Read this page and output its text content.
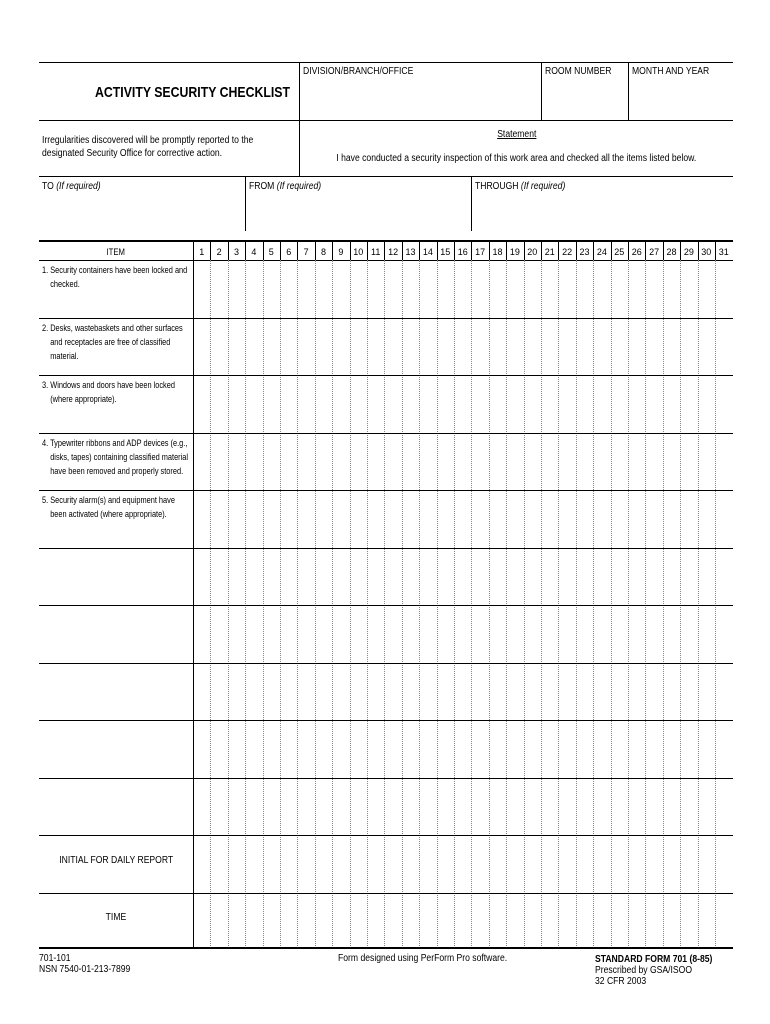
ACTIVITY SECURITY CHECKLIST
DIVISION/BRANCH/OFFICE	ROOM NUMBER MONTH AND YEAR
Irregularities discovered will be promptly reported to the designated Security Office for corrective action.
Statement
I have conducted a security inspection of this work area and checked all the items listed below.
TO (If required)	FROM (If required)	THROUGH (If required)
ITEM	1	2	3	4	5	6	7	8	9	10 11 12 13 14 15 16 17 18 19 20 21 22 23 24 25 26 27 28 29 30 31
1. Security containers have been locked and
checked.
2. Desks, wastebaskets and other surfaces
and receptacles are free of classified
material.
3. Windows and doors have been locked
(where appropriate).
4. Typewriter ribbons and ADP devices (e.g.,
disks, tapes) containing classified material
have been removed and properly stored.
5. Security alarm(s) and equipment have
been activated (where appropriate).
INITIAL FOR DAILY REPORT
TIME
701-101
NSN 7540-01-213-7899
Form designed using PerForm Pro software.	STANDARD FORM 701 (8-85)
Prescribed by GSA/ISOO
32 CFR 2003
